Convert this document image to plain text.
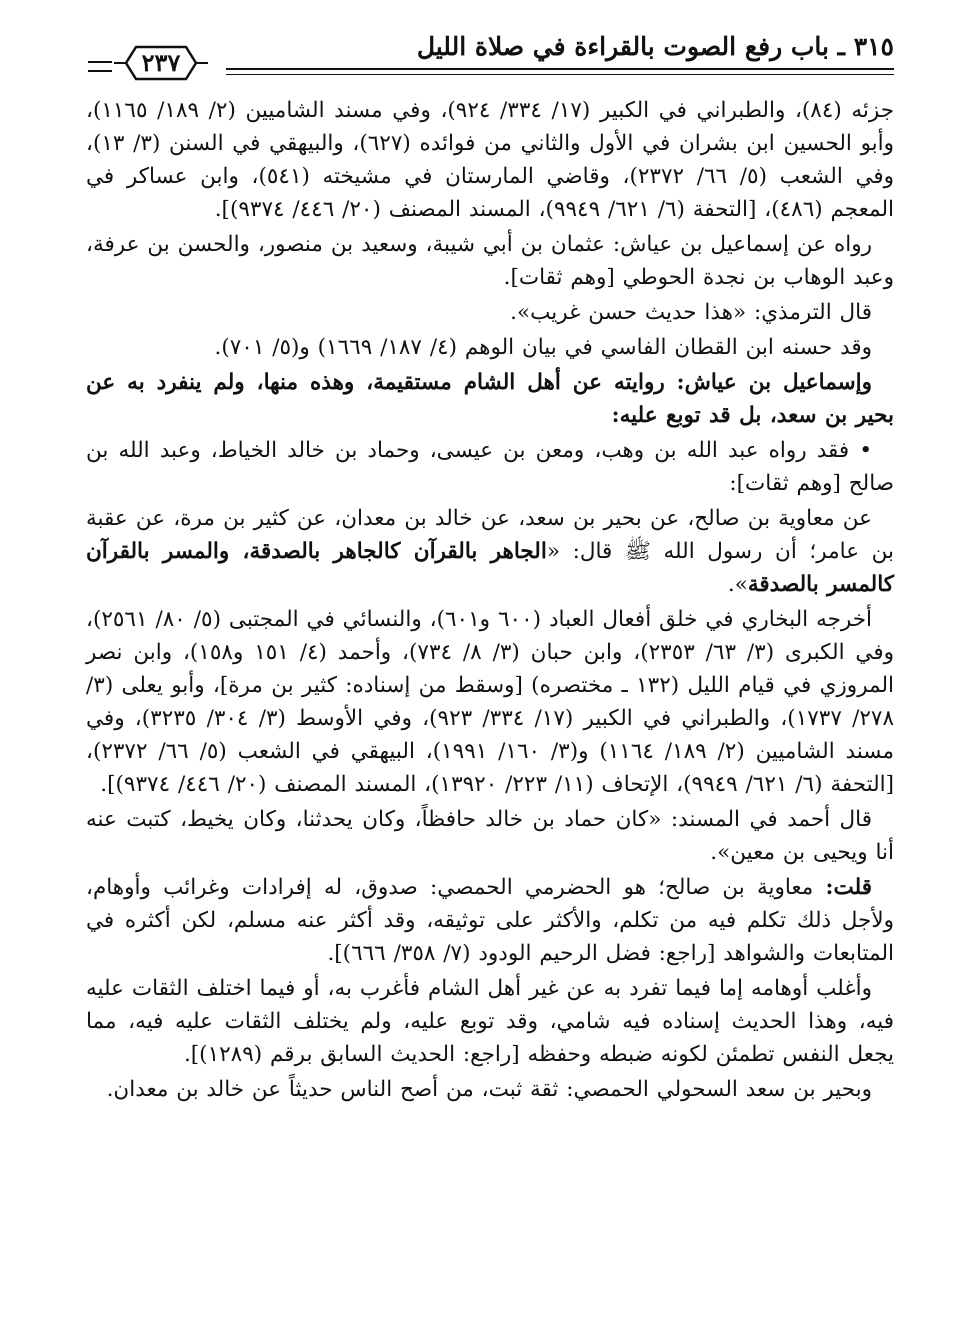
٣١٥ ـ باب رفع الصوت بالقراءة في صلاة الليل
٢٣٧

جزئه (٨٤)، والطبراني في الكبير (١٧/ ٣٣٤/ ٩٢٤)، وفي مسند الشاميين (٢/ ١٨٩/ ١١٦٥)، وأبو الحسين ابن بشران في الأول والثاني من فوائده (٦٢٧)، والبيهقي في السنن (٣/ ١٣)، وفي الشعب (٥/ ٦٦/ ٢٣٧٢)، وقاضي المارستان في مشيخته (٥٤١)، وابن عساكر في المعجم (٤٨٦)، [التحفة (٦/ ٦٢١/ ٩٩٤٩)، المسند المصنف (٢٠/ ٤٤٦/ ٩٣٧٤)].

رواه عن إسماعيل بن عياش: عثمان بن أبي شيبة، وسعيد بن منصور، والحسن بن عرفة، وعبد الوهاب بن نجدة الحوطي [وهم ثقات].

قال الترمذي: «هذا حديث حسن غريب».

وقد حسنه ابن القطان الفاسي في بيان الوهم (٤/ ١٨٧/ ١٦٦٩) و(٥/ ٧٠١).

وإسماعيل بن عياش: روايته عن أهل الشام مستقيمة، وهذه منها، ولم ينفرد به عن بحير بن سعد، بل قد توبع عليه:

• فقد رواه عبد الله بن وهب، ومعن بن عيسى، وحماد بن خالد الخياط، وعبد الله بن صالح [وهم ثقات]:

عن معاوية بن صالح، عن بحير بن سعد، عن خالد بن معدان، عن كثير بن مرة، عن عقبة بن عامر؛ أن رسول الله ﷺ قال: «الجاهر بالقرآن كالجاهر بالصدقة، والمسر بالقرآن كالمسر بالصدقة».

أخرجه البخاري في خلق أفعال العباد (٦٠٠ و٦٠١)، والنسائي في المجتبى (٥/ ٨٠/ ٢٥٦١)، وفي الكبرى (٣/ ٦٣/ ٢٣٥٣)، وابن حبان (٣/ ٨/ ٧٣٤)، وأحمد (٤/ ١٥١ و١٥٨)، وابن نصر المروزي في قيام الليل (١٣٢ ـ مختصره) [وسقط من إسناده: كثير بن مرة]، وأبو يعلى (٣/ ٢٧٨/ ١٧٣٧)، والطبراني في الكبير (١٧/ ٣٣٤/ ٩٢٣)، وفي الأوسط (٣/ ٣٠٤/ ٣٢٣٥)، وفي مسند الشاميين (٢/ ١٨٩/ ١١٦٤) و(٣/ ١٦٠/ ١٩٩١)، البيهقي في الشعب (٥/ ٦٦/ ٢٣٧٢)، [التحفة (٦/ ٦٢١/ ٩٩٤٩)، الإتحاف (١١/ ٢٢٣/ ١٣٩٢٠)، المسند المصنف (٢٠/ ٤٤٦/ ٩٣٧٤)].

قال أحمد في المسند: «كان حماد بن خالد حافظاً، وكان يحدثنا، وكان يخيط، كتبت عنه أنا ويحيى بن معين».

قلت: معاوية بن صالح؛ هو الحضرمي الحمصي: صدوق، له إفرادات وغرائب وأوهام، ولأجل ذلك تكلم فيه من تكلم، والأكثر على توثيقه، وقد أكثر عنه مسلم، لكن أكثره في المتابعات والشواهد [راجع: فضل الرحيم الودود (٧/ ٣٥٨/ ٦٦٦)].

وأغلب أوهامه إما فيما تفرد به عن غير أهل الشام فأغرب به، أو فيما اختلف الثقات عليه فيه، وهذا الحديث إسناده فيه شامي، وقد توبع عليه، ولم يختلف الثقات عليه فيه، مما يجعل النفس تطمئن لكونه ضبطه وحفظه [راجع: الحديث السابق برقم (١٢٨٩)].

وبحير بن سعد السحولي الحمصي: ثقة ثبت، من أصح الناس حديثاً عن خالد بن معدان.
